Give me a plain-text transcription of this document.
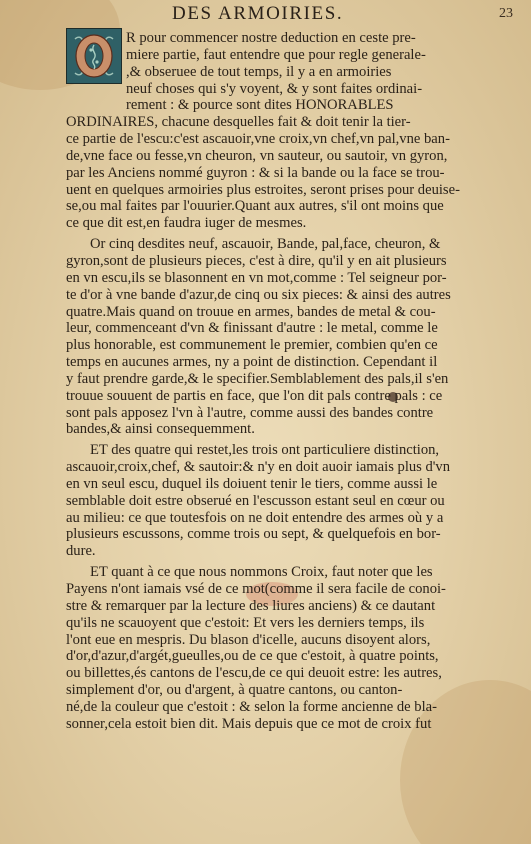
DES ARMOIRIES.	23
R pour commencer nostre deduction en ceste pre-
miere partie, faut entendre que pour regle generale-
,& obseruee de tout temps, il y a en armoiries
neuf choses qui s'y voyent, & y sont faites ordinai-
rement : & pource sont dites HONORABLES
ORDINAIRES, chacune desquelles fait & doit tenir la tier-
ce partie de l'escu:c'est ascauoir,vne croix,vn chef,vn pal,vne ban-
de,vne face ou fesse,vn cheuron, vn sauteur, ou sautoir, vn gyron,
par les Anciens nommé guyron : & si la bande ou la face se trou-
uent en quelques armoiries plus estroites, seront prises pour deuise-
se,ou mal faites par l'ouurier.Quant aux autres, s'il ont moins que
ce que dit est,en faudra iuger de mesmes.
Or cinq desdites neuf, ascauoir, Bande, pal,face, cheuron, &
gyron,sont de plusieurs pieces, c'est à dire, qu'il y en ait plusieurs
en vn escu,ils se blasonnent en vn mot,comme : Tel seigneur por-
te d'or à vne bande d'azur,de cinq ou six pieces: & ainsi des autres
quatre.Mais quand on trouue en armes, bandes de metal & cou-
leur, commenceant d'vn & finissant d'autre : le metal, comme le
plus honorable, est communement le premier, combien qu'en ce
temps en aucunes armes, ny a point de distinction. Cependant il
y faut prendre garde,& le specifier.Semblablement des pals,il s'en
trouue souuent de partis en face, que l'on dit pals contre pals : ce
sont pals apposez l'vn à l'autre, comme aussi des bandes contre
bandes,& ainsi consequemment.
ET des quatre qui restet,les trois ont particuliere distinction,
ascauoir,croix,chef, & sautoir:& n'y en doit auoir iamais plus d'vn
en vn seul escu, duquel ils doiuent tenir le tiers, comme aussi le
semblable doit estre obserué en l'escusson estant seul en cœur ou
au milieu: ce que toutesfois on ne doit entendre des armes où y a
plusieurs escussons, comme trois ou sept, & quelquefois en bor-
dure.
ET quant à ce que nous nommons Croix, faut noter que les
Payens n'ont iamais vsé de ce mot(comme il sera facile de conoi-
stre & remarquer par la lecture des liures anciens) & ce dautant
qu'ils ne scauoyent que c'estoit: Et vers les derniers temps, ils
l'ont eue en mespris. Du blason d'icelle, aucuns disoyent alors,
d'or,d'azur,d'argét,gueulles,ou de ce que c'estoit, à quatre points,
ou billettes,és cantons de l'escu,de ce qui deuoit estre: les autres,
simplement d'or, ou d'argent, à quatre cantons, ou canton-
né,de la couleur que c'estoit : & selon la forme ancienne de bla-
sonner,cela estoit bien dit. Mais depuis que ce mot de croix fut
